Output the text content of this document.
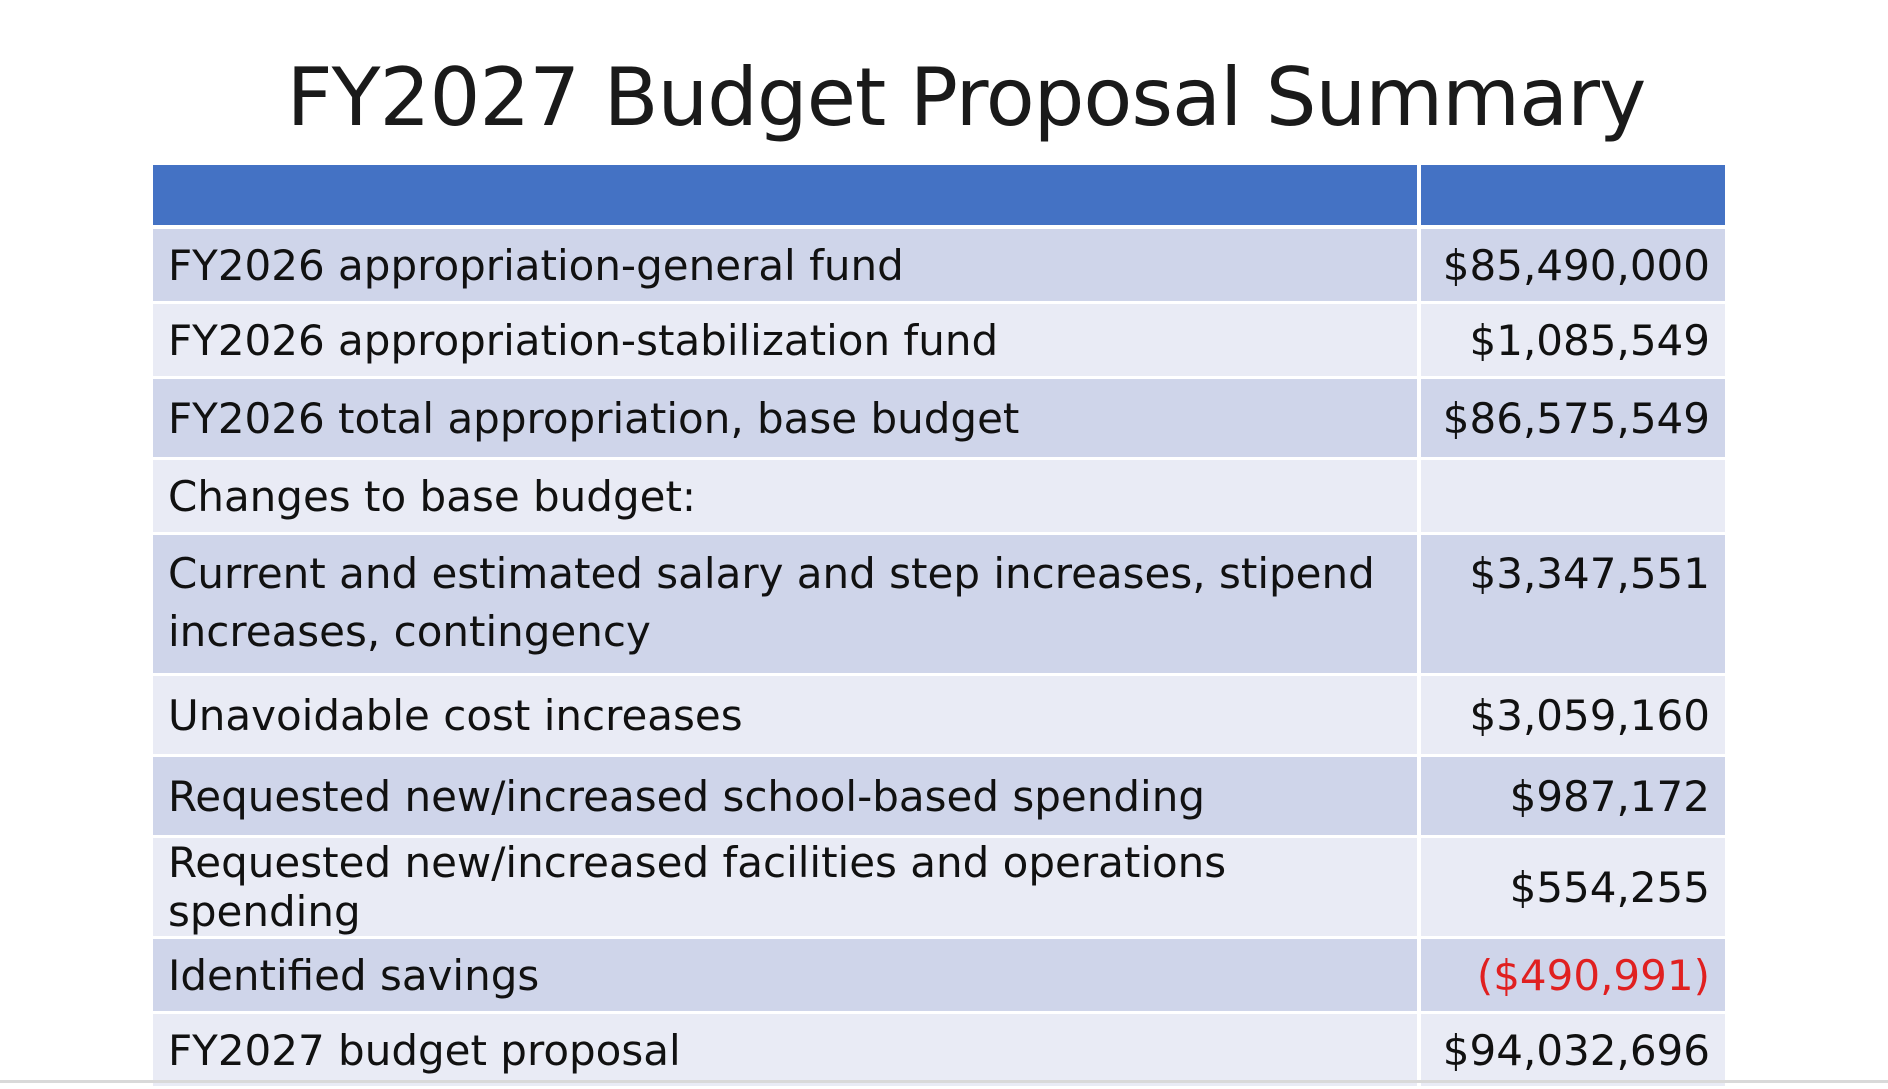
FY2027 Budget Proposal Summary

FY2026 appropriation-general fund	$85,490,000
FY2026 appropriation-stabilization fund	$1,085,549
FY2026 total appropriation, base budget	$86,575,549
Changes to base budget:	
Current and estimated salary and step increases, stipend increases, contingency	$3,347,551
Unavoidable cost increases	$3,059,160
Requested new/increased school-based spending	$987,172
Requested new/increased facilities and operations spending	$554,255
Identified savings	($490,991)
FY2027 budget proposal	$94,032,696
